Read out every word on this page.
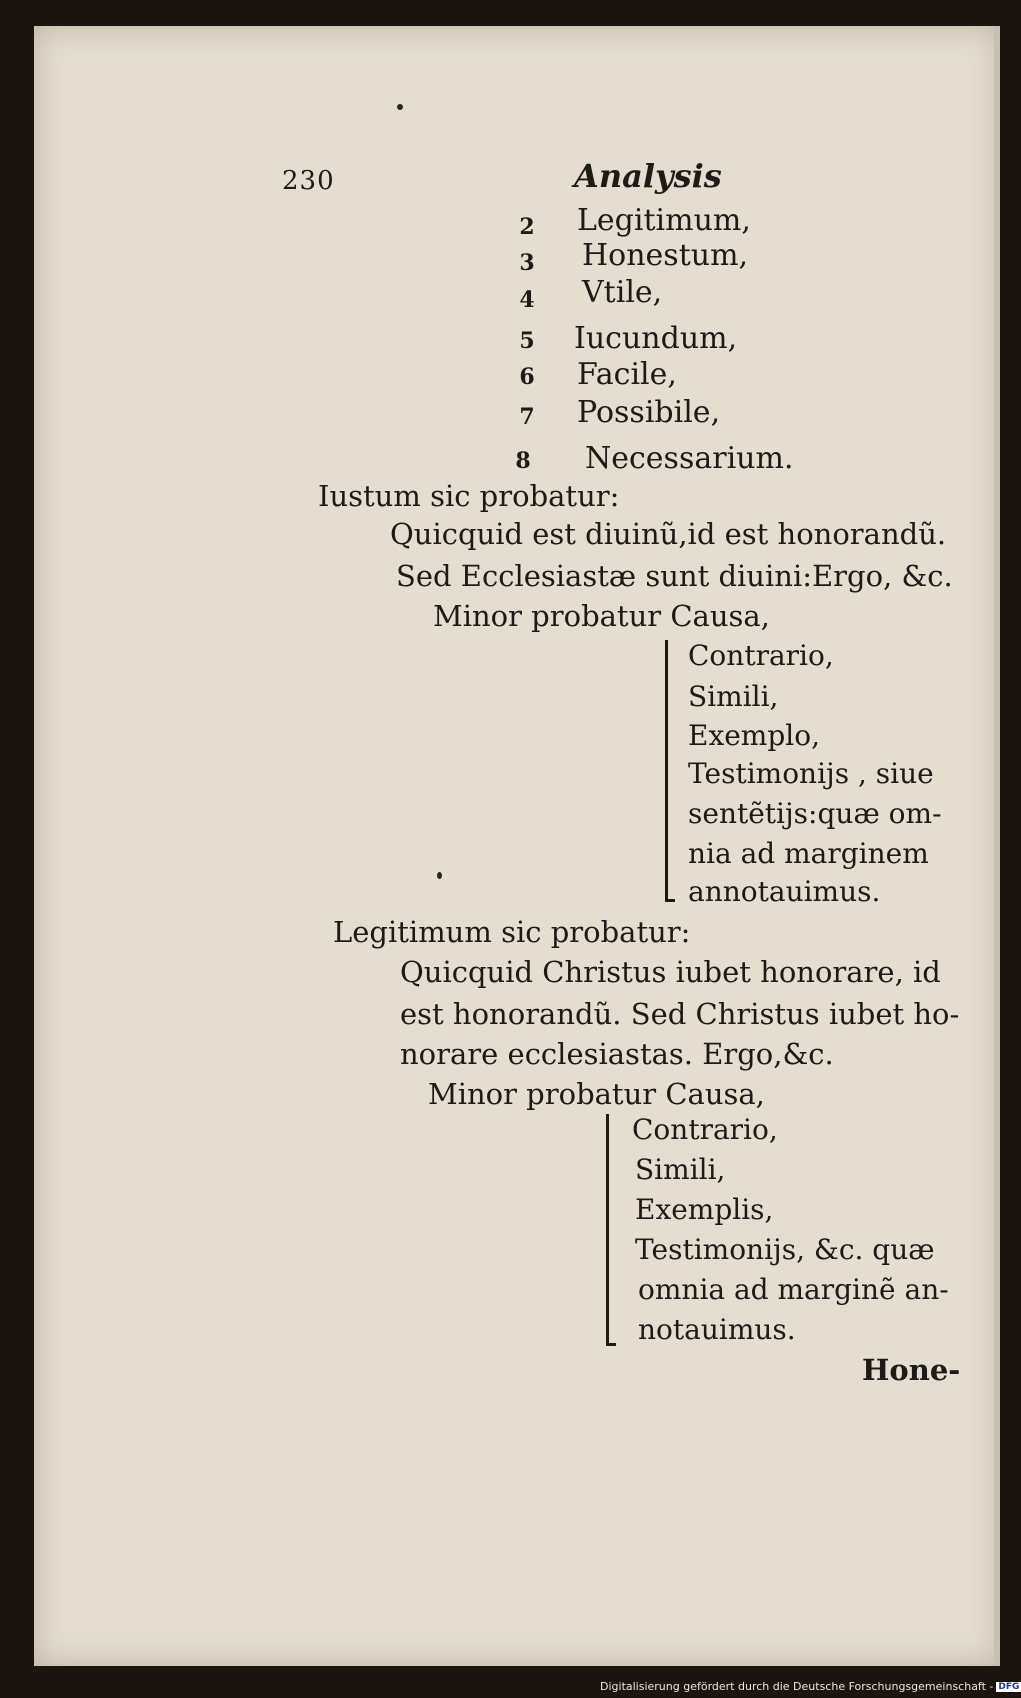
230	Analysis
2 Legitimum,
3 Honestum,
4 Vtile,
5 Iucundum,
6 Facile,
7 Possibile,
8 Necessarium.
Iustum sic probatur:
Quicquid est diuinũ,id est honorandũ.
Sed Ecclesiastæ sunt diuini:Ergo, &c.
Minor probatur Causa,
Contrario,
Simili,
Exemplo,
Testimonijs , siue
sentẽtijs:quæ om-
nia ad marginem
annotauimus.
Legitimum sic probatur:
Quicquid Christus iubet honorare, id
est honorandũ. Sed Christus iubet ho-
norare ecclesiastas. Ergo,&c.
Minor probatur Causa,
Contrario,
Simili,
Exemplis,
Testimonijs, &c. quæ
omnia ad marginẽ an-
notauimus.
Hone-
Digitalisierung gefördert durch die Deutsche Forschungsgemeinschaft - DFG
